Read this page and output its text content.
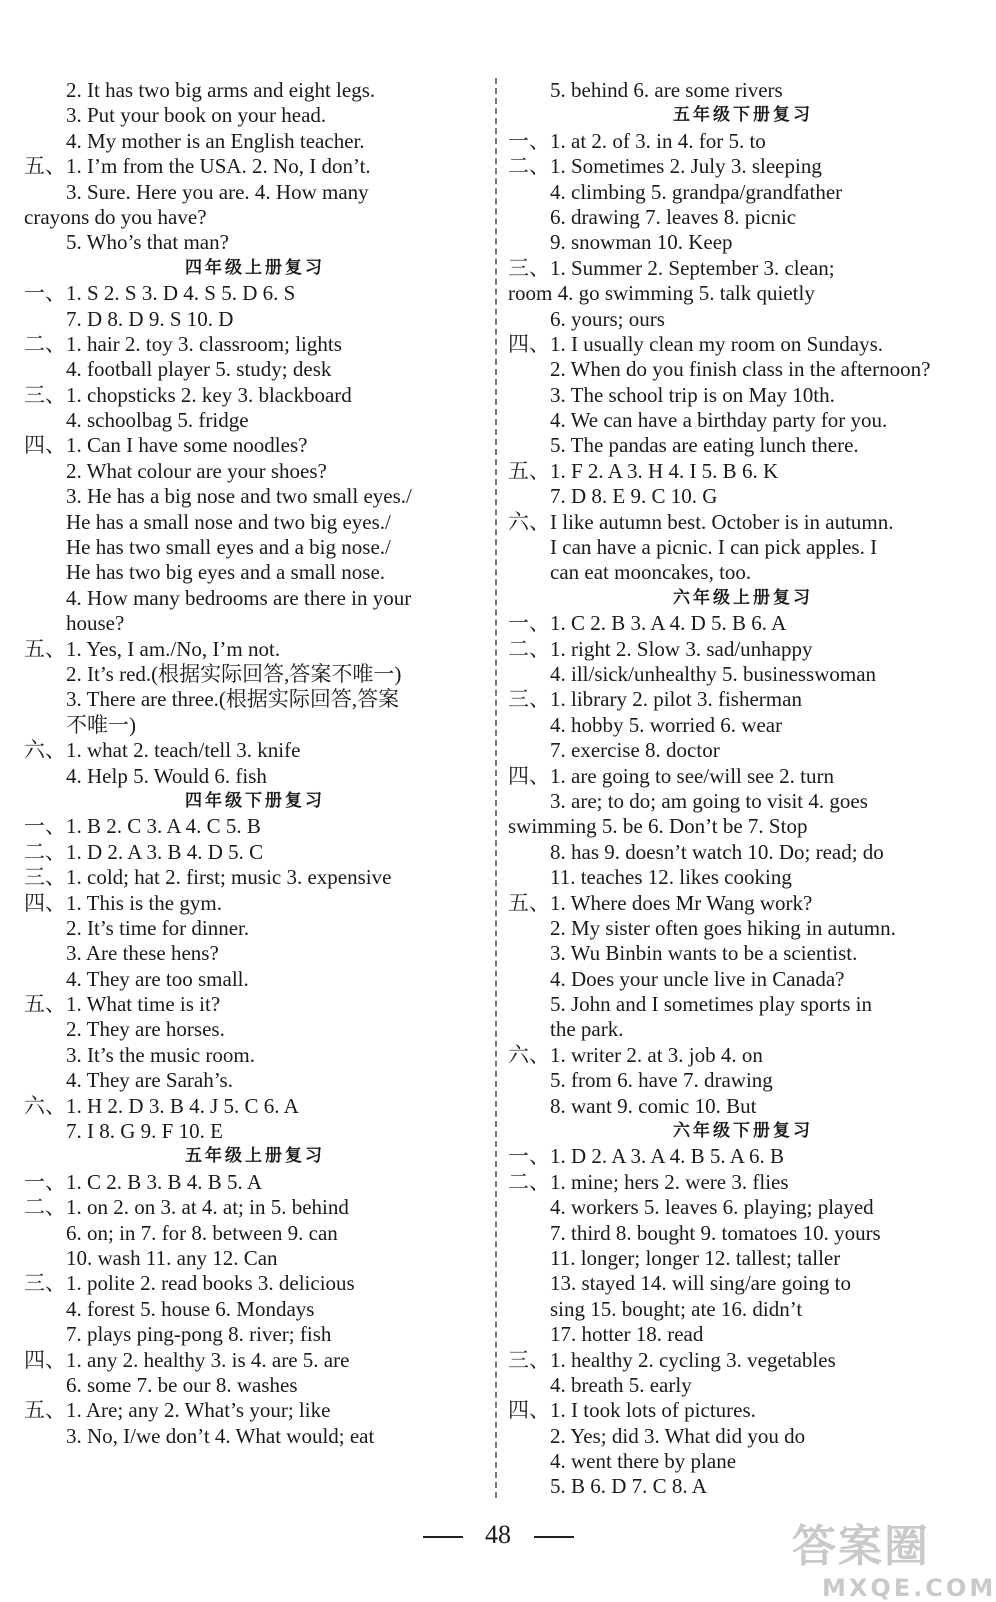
2. It has two big arms and eight legs.
3. Put your book on your head.
4. My mother is an English teacher.
五、1. I’m from the USA. 2. No, I don’t.
3. Sure. Here you are. 4. How many
crayons do you have?
5. Who’s that man?
四年级上册复习
一、1. S 2. S 3. D 4. S 5. D 6. S
7. D 8. D 9. S 10. D
二、1. hair 2. toy 3. classroom; lights
4. football player 5. study; desk
三、1. chopsticks 2. key 3. blackboard
4. schoolbag 5. fridge
四、1. Can I have some noodles?
2. What colour are your shoes?
3. He has a big nose and two small eyes./
He has a small nose and two big eyes./
He has two small eyes and a big nose./
He has two big eyes and a small nose.
4. How many bedrooms are there in your
house?
五、1. Yes, I am./No, I’m not.
2. It’s red.(根据实际回答,答案不唯一)
3. There are three.(根据实际回答,答案
不唯一)
六、1. what 2. teach/tell 3. knife
4. Help 5. Would 6. fish
四年级下册复习
一、1. B 2. C 3. A 4. C 5. B
二、1. D 2. A 3. B 4. D 5. C
三、1. cold; hat 2. first; music 3. expensive
四、1. This is the gym.
2. It’s time for dinner.
3. Are these hens?
4. They are too small.
五、1. What time is it?
2. They are horses.
3. It’s the music room.
4. They are Sarah’s.
六、1. H 2. D 3. B 4. J 5. C 6. A
7. I 8. G 9. F 10. E
五年级上册复习
一、1. C 2. B 3. B 4. B 5. A
二、1. on 2. on 3. at 4. at; in 5. behind
6. on; in 7. for 8. between 9. can
10. wash 11. any 12. Can
三、1. polite 2. read books 3. delicious
4. forest 5. house 6. Mondays
7. plays ping-pong 8. river; fish
四、1. any 2. healthy 3. is 4. are 5. are
6. some 7. be our 8. washes
五、1. Are; any 2. What’s your; like
3. No, I/we don’t 4. What would; eat
5. behind 6. are some rivers
五年级下册复习
一、1. at 2. of 3. in 4. for 5. to
二、1. Sometimes 2. July 3. sleeping
4. climbing 5. grandpa/grandfather
6. drawing 7. leaves 8. picnic
9. snowman 10. Keep
三、1. Summer 2. September 3. clean;
room 4. go swimming 5. talk quietly
6. yours; ours
四、1. I usually clean my room on Sundays.
2. When do you finish class in the afternoon?
3. The school trip is on May 10th.
4. We can have a birthday party for you.
5. The pandas are eating lunch there.
五、1. F 2. A 3. H 4. I 5. B 6. K
7. D 8. E 9. C 10. G
六、I like autumn best. October is in autumn.
I can have a picnic. I can pick apples. I
can eat mooncakes, too.
六年级上册复习
一、1. C 2. B 3. A 4. D 5. B 6. A
二、1. right 2. Slow 3. sad/unhappy
4. ill/sick/unhealthy 5. businesswoman
三、1. library 2. pilot 3. fisherman
4. hobby 5. worried 6. wear
7. exercise 8. doctor
四、1. are going to see/will see 2. turn
3. are; to do; am going to visit 4. goes
swimming 5. be 6. Don’t be 7. Stop
8. has 9. doesn’t watch 10. Do; read; do
11. teaches 12. likes cooking
五、1. Where does Mr Wang work?
2. My sister often goes hiking in autumn.
3. Wu Binbin wants to be a scientist.
4. Does your uncle live in Canada?
5. John and I sometimes play sports in
the park.
六、1. writer 2. at 3. job 4. on
5. from 6. have 7. drawing
8. want 9. comic 10. But
六年级下册复习
一、1. D 2. A 3. A 4. B 5. A 6. B
二、1. mine; hers 2. were 3. flies
4. workers 5. leaves 6. playing; played
7. third 8. bought 9. tomatoes 10. yours
11. longer; longer 12. tallest; taller
13. stayed 14. will sing/are going to
sing 15. bought; ate 16. didn’t
17. hotter 18. read
三、1. healthy 2. cycling 3. vegetables
4. breath 5. early
四、1. I took lots of pictures.
2. Yes; did 3. What did you do
4. went there by plane
5. B 6. D 7. C 8. A
48	答案圈
MXQE.COM
